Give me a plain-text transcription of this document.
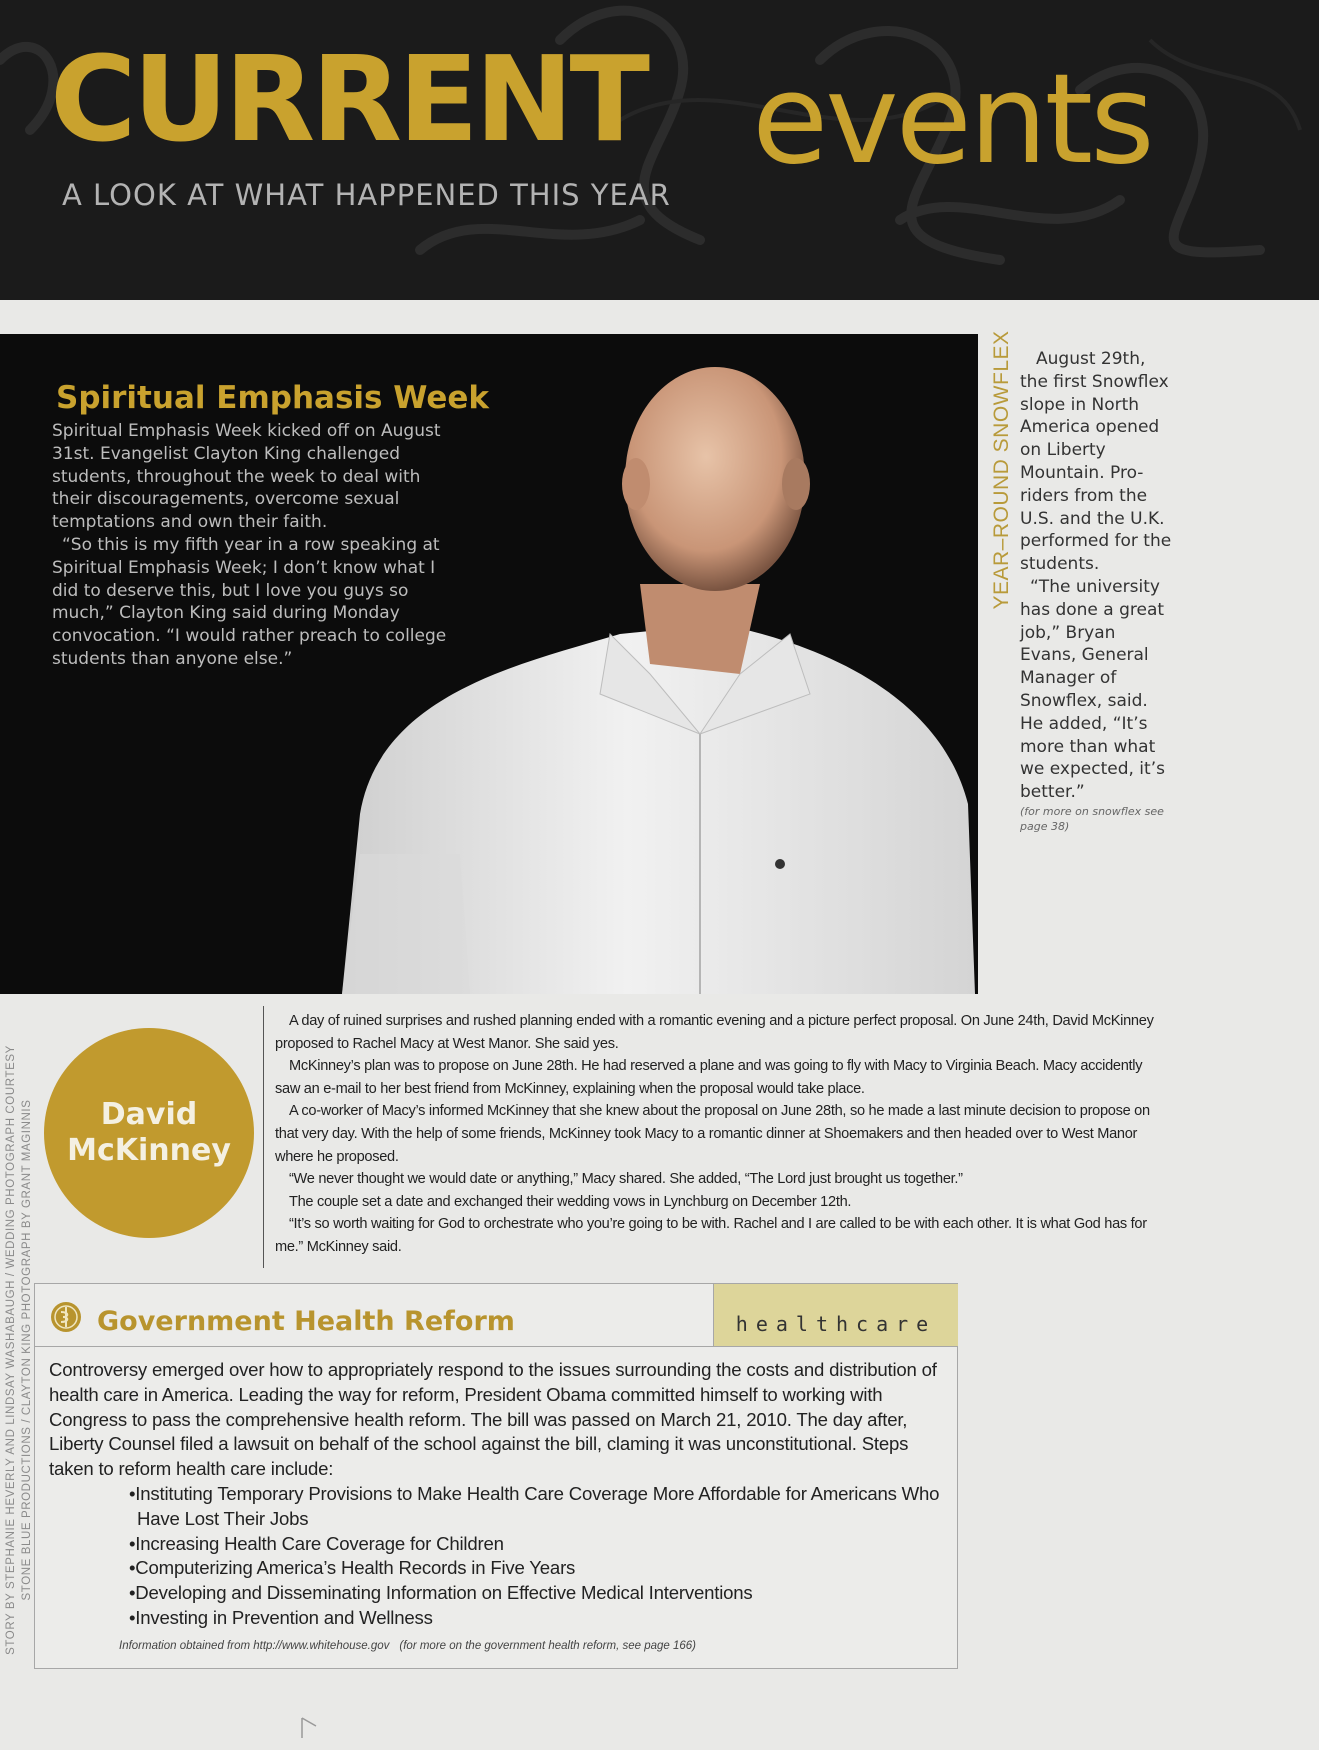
CURRENT events
A LOOK AT WHAT HAPPENED THIS YEAR
Spiritual Emphasis Week

Spiritual Emphasis Week kicked off on August 31st. Evangelist Clayton King challenged students, throughout the week to deal with their discouragements, overcome sexual temptations and own their faith.

“So this is my fifth year in a row speaking at Spiritual Emphasis Week; I don’t know what I did to deserve this, but I love you guys so much,” Clayton King said during Monday convocation. “I would rather preach to college students than anyone else.”

YEAR–ROUND SNOWFLEX	August 29th, the first Snowflex slope in North America opened on Liberty Mountain. Pro-riders from the U.S. and the U.K. performed for the students.

“The university has done a great job,” Bryan Evans, General Manager of Snowflex, said. He added, “It’s more than what we expected, it’s better.”

(for more on snowflex see page 38)

STORY BY STEPHANIE HEVERLY AND LINDSAY WASHABAUGH / WEDDING PHOTOGRAPH COURTESY STONE BLUE PRODUCTIONS / CLAYTON KING PHOTOGRAPH BY GRANT MAGINNIS	David McKinney

A day of ruined surprises and rushed planning ended with a romantic evening and a picture perfect proposal. On June 24th, David McKinney proposed to Rachel Macy at West Manor. She said yes.

McKinney’s plan was to propose on June 28th. He had reserved a plane and was going to fly with Macy to Virginia Beach. Macy accidently saw an e-mail to her best friend from McKinney, explaining when the proposal would take place.

A co-worker of Macy’s informed McKinney that she knew about the proposal on June 28th, so he made a last minute decision to propose on that very day. With the help of some friends, McKinney took Macy to a romantic dinner at Shoemakers and then headed over to West Manor where he proposed.

“We never thought we would date or anything,” Macy shared. She added, “The Lord just brought us together.”

The couple set a date and exchanged their wedding vows in Lynchburg on December 12th.

“It’s so worth waiting for God to orchestrate who you’re going to be with. Rachel and I are called to be with each other. It is what God has for me.” McKinney said.

Government Health Reform	healthcare

Controversy emerged over how to appropriately respond to the issues surrounding the costs and distribution of health care in America. Leading the way for reform, President Obama committed himself to working with Congress to pass the comprehensive health reform. The bill was passed on March 21, 2010. The day after, Liberty Counsel filed a lawsuit on behalf of the school against the bill, claming it was unconstitutional. Steps taken to reform health care include:

•Instituting Temporary Provisions to Make Health Care Coverage More Affordable for Americans Who Have Lost Their Jobs
•Increasing Health Care Coverage for Children
•Computerizing America’s Health Records in Five Years
•Developing and Disseminating Information on Effective Medical Interventions
•Investing in Prevention and Wellness
Information obtained from http://www.whitehouse.gov (for more on the government health reform, see page 166)
